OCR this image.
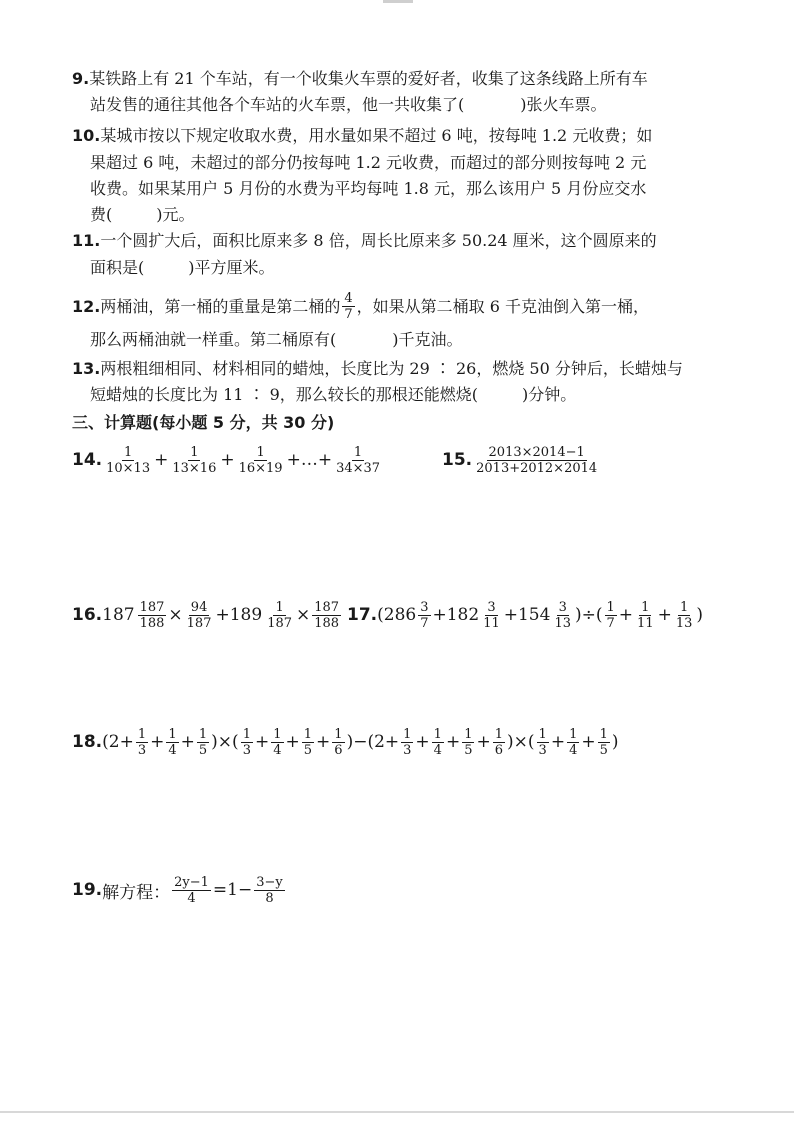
9.某铁路上有 21 个车站，有一个收集火车票的爱好者，收集了这条线路上所有车
站发售的通往其他各个车站的火车票，他一共收集了(	)张火车票。
10.某城市按以下规定收取水费，用水量如果不超过 6 吨，按每吨 1.2 元收费；如
果超过 6 吨，未超过的部分仍按每吨 1.2 元收费，而超过的部分则按每吨 2 元
收费。如果某用户 5 月份的水费为平均每吨 1.8 元，那么该用户 5 月份应交水
费(	)元。
11.一个圆扩大后，面积比原来多 8 倍，周长比原来多 50.24 厘米，这个圆原来的
面积是(	)平方厘米。
12. 两桶油，第一桶的重量是第二桶的 $\frac{4}{7}$ ，如果从第二桶取 6 千克油倒入第一桶，
那么两桶油就一样重。第二桶原有(	)千克油。
13.两根粗细相同、材料相同的蜡烛，长度比为 29 ∶ 26，燃烧 50 分钟后，长蜡烛与
短蜡烛的长度比为 11 ∶ 9，那么较长的那根还能燃烧(	)分钟。
三、计算题(每小题 5 分，共 30 分)
14. $\frac{1}{10\times 13} + \frac{1}{13\times 16} + \frac{1}{16\times 19}$ +…+ $\frac{1}{34\times 37}$	15. $\frac{2013\times 2014-1}{2013+2012\times 2014}$
16. $187 \frac{187}{188} \times \frac{94}{187} + 189 \frac{1}{187} \times \frac{187}{188} 17$. ($286 \frac{3}{7} +182 \frac{3}{11} +154 \frac{3}{13}$ )÷( $\frac{1}{7} + \frac{1}{11} + \frac{1}{13}$ )
18. ($2+ \frac{1}{3} + \frac{1}{4} + \frac{1}{5}$ )×( $\frac{1}{3} + \frac{1}{4} + \frac{1}{5} + \frac{1}{6} )-(2+ \frac{1}{3} + \frac{1}{4} + \frac{1}{5} + \frac{1}{6}$ )×( $\frac{1}{3} + \frac{1}{4} + \frac{1}{5}$ )
19. 解方程： $\frac{2y-1}{4} =1- \frac{3-y}{8}$
